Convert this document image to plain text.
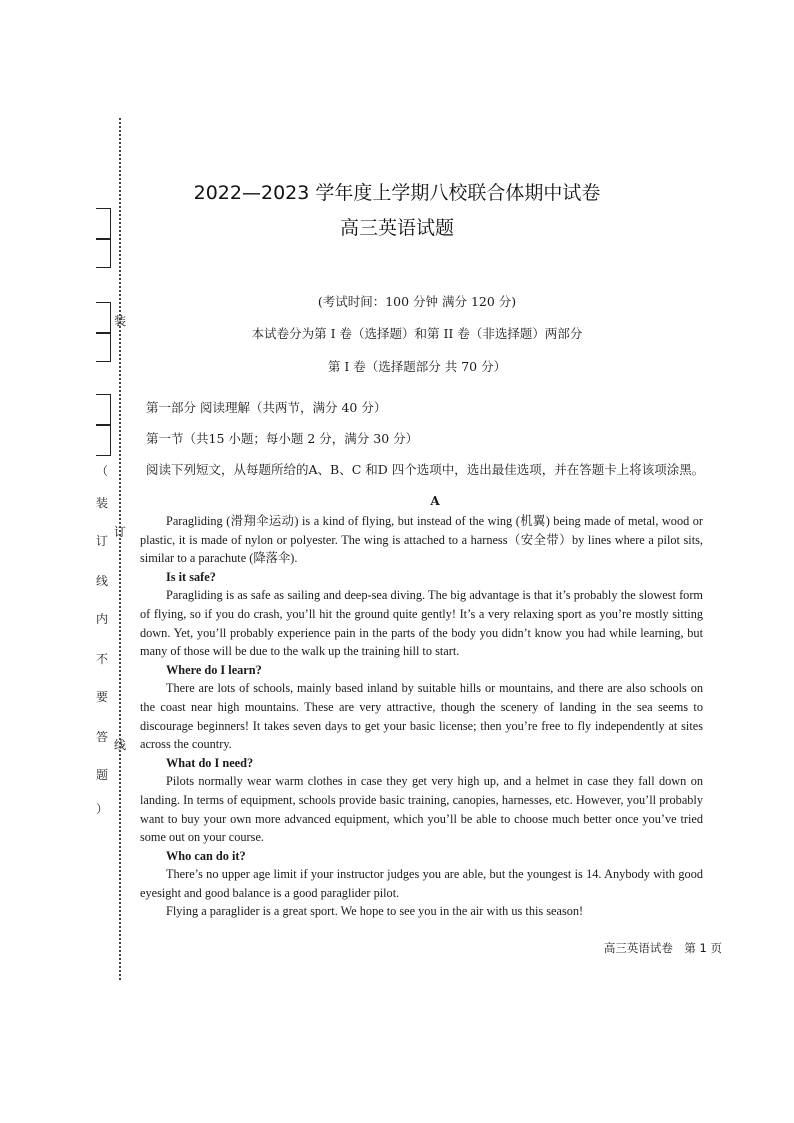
装
订
线
（
装
订
线
内
不
要
答
题
）
2022—2023 学年度上学期八校联合体期中试卷
高三英语试题
(考试时间：100 分钟 满分 120 分)
本试卷分为第 I 卷（选择题）和第 II 卷（非选择题）两部分
第 I 卷（选择题部分 共 70 分）
第一部分 阅读理解（共两节，满分 40 分）
第一节（共15 小题；每小题 2 分，满分 30 分）
阅读下列短文，从每题所给的A、B、C 和D 四个选项中，选出最佳选项，并在答题卡上将该项涂黑。
A

Paragliding (滑翔伞运动) is a kind of flying, but instead of the wing (机翼) being made of metal, wood or plastic, it is made of nylon or polyester. The wing is attached to a harness（安全带）by lines where a pilot sits, similar to a parachute (降落伞).

Is it safe?

Paragliding is as safe as sailing and deep-sea diving. The big advantage is that it’s probably the slowest form of flying, so if you do crash, you’ll hit the ground quite gently! It’s a very relaxing sport as you’re mostly sitting down. Yet, you’ll probably experience pain in the parts of the body you didn’t know you had while learning, but many of those will be due to the walk up the training hill to start.

Where do I learn?

There are lots of schools, mainly based inland by suitable hills or mountains, and there are also schools on the coast near high mountains. These are very attractive, though the scenery of landing in the sea seems to discourage beginners! It takes seven days to get your basic license; then you’re free to fly independently at sites across the country.

What do I need?

Pilots normally wear warm clothes in case they get very high up, and a helmet in case they fall down on landing. In terms of equipment, schools provide basic training, canopies, harnesses, etc. However, you’ll probably want to buy your own more advanced equipment, which you’ll be able to choose much better once you’ve tried some out on your course.

Who can do it?

There’s no upper age limit if your instructor judges you are able, but the youngest is 14. Anybody with good eyesight and good balance is a good paraglider pilot.

Flying a paraglider is a great sport. We hope to see you in the air with us this season!

高三英语试卷　第 1 页
